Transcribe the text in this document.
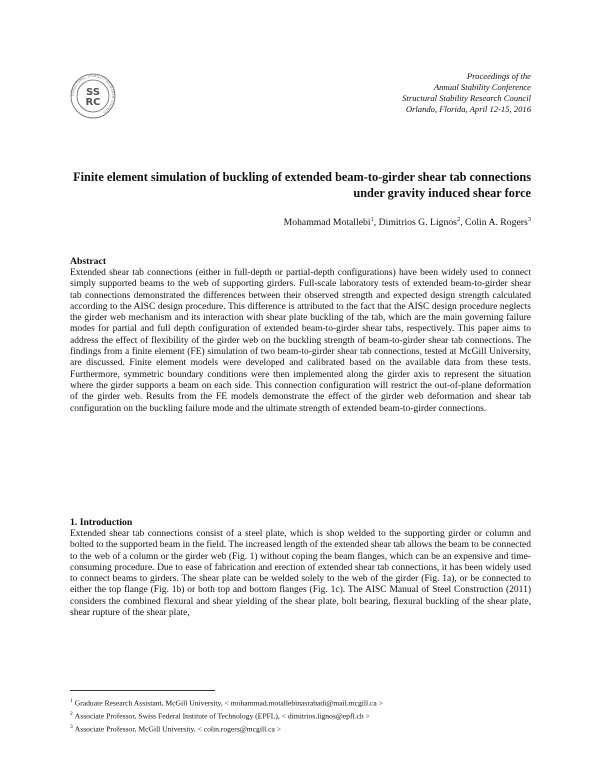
STRUCTURAL STABILITY RESEARCH COUNCIL
SS
RC
Proceedings of the
Annual Stability Conference
Structural Stability Research Council
Orlando, Florida, April 12-15, 2016
Finite element simulation of buckling of extended beam-to-girder shear tab connections under gravity induced shear force
Mohammad Motallebi$^1$, Dimitrios G. Lignos$^2$, Colin A. Rogers$^3$
Abstract
Extended shear tab connections (either in full-depth or partial-depth configurations) have been widely used to connect simply supported beams to the web of supporting girders. Full-scale laboratory tests of extended beam-to-girder shear tab connections demonstrated the differences between their observed strength and expected design strength calculated according to the AISC design procedure. This difference is attributed to the fact that the AISC design procedure neglects the girder web mechanism and its interaction with shear plate buckling of the tab, which are the main governing failure modes for partial and full depth configuration of extended beam-to-girder shear tabs, respectively. This paper aims to address the effect of flexibility of the girder web on the buckling strength of beam-to-girder shear tab connections. The findings from a finite element (FE) simulation of two beam-to-girder shear tab connections, tested at McGill University, are discussed. Finite element models were developed and calibrated based on the available data from these tests. Furthermore, symmetric boundary conditions were then implemented along the girder axis to represent the situation where the girder supports a beam on each side. This connection configuration will restrict the out-of-plane deformation of the girder web. Results from the FE models demonstrate the effect of the girder web deformation and shear tab configuration on the buckling failure mode and the ultimate strength of extended beam-to-girder connections.
1. Introduction
Extended shear tab connections consist of a steel plate, which is shop welded to the supporting girder or column and bolted to the supported beam in the field. The increased length of the extended shear tab allows the beam to be connected to the web of a column or the girder web (Fig. 1) without coping the beam flanges, which can be an expensive and time-consuming procedure. Due to ease of fabrication and erection of extended shear tab connections, it has been widely used to connect beams to girders. The shear plate can be welded solely to the web of the girder (Fig. 1a), or be connected to either the top flange (Fig. 1b) or both top and bottom flanges (Fig. 1c). The AISC Manual of Steel Construction (2011) considers the combined flexural and shear yielding of the shear plate, bolt bearing, flexural buckling of the shear plate, shear rupture of the shear plate,
$^1$ Graduate Research Assistant, McGill University, < mohammad.motallebinasrabadi@mail.mcgill.ca >
$^2$ Associate Professor, Swiss Federal Institute of Technology (EPFL), < dimitrios.lignos@epfl.ch >
$^3$ Associate Professor, McGill University, < colin.rogers@mcgill.ca >
